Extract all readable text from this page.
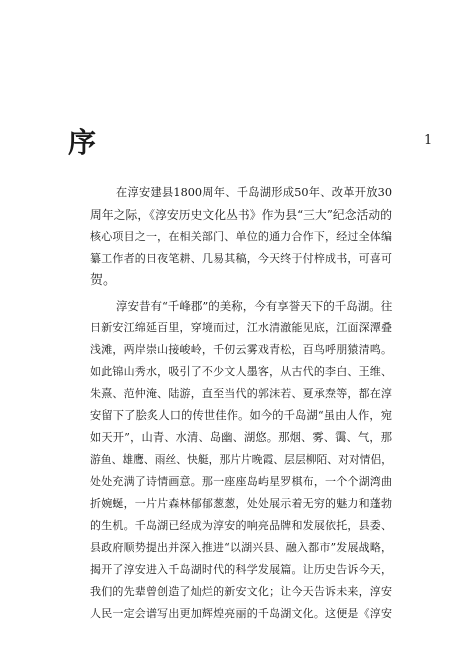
序	1
在淳安建县1800周年、千岛湖形成50年、改革开放30
周年之际，《淳安历史文化丛书》作为县“三大”纪念活动的
核心项目之一，在相关部门、单位的通力合作下，经过全体编
纂工作者的日夜笔耕、几易其稿，今天终于付梓成书，可喜可
贺。
淳安昔有“千峰郡”的美称，今有享誉天下的千岛湖。往
日新安江绵延百里，穿境而过，江水清澈能见底，江面深潭叠
浅滩，两岸崇山接峻岭，千仞云雾戏青松，百鸟呼朋猿清鸣。
如此锦山秀水，吸引了不少文人墨客，从古代的李白、王维、
朱熹、范仲淹、陆游，直至当代的郭沫若、夏承焘等，都在淳
安留下了脍炙人口的传世佳作。如今的千岛湖“虽由人作，宛
如天开”，山青、水清、岛幽、湖悠。那烟、雾、霭、气，那
游鱼、雄鹰、雨丝、快艇，那片片晚霞、层层柳陌、对对情侣，
处处充满了诗情画意。那一座座岛屿星罗棋布，一个个湖湾曲
折婉蜒，一片片森林郁郁葱葱，处处展示着无穷的魅力和蓬勃
的生机。千岛湖已经成为淳安的响亮品牌和发展依托，县委、
县政府顺势提出并深入推进“以湖兴县、融入都市”发展战略，
揭开了淳安进入千岛湖时代的科学发展篇。让历史告诉今天，
我们的先辈曾创造了灿烂的新安文化；让今天告诉未来，淳安
人民一定会谱写出更加辉煌亮丽的千岛湖文化。这便是《淳安
